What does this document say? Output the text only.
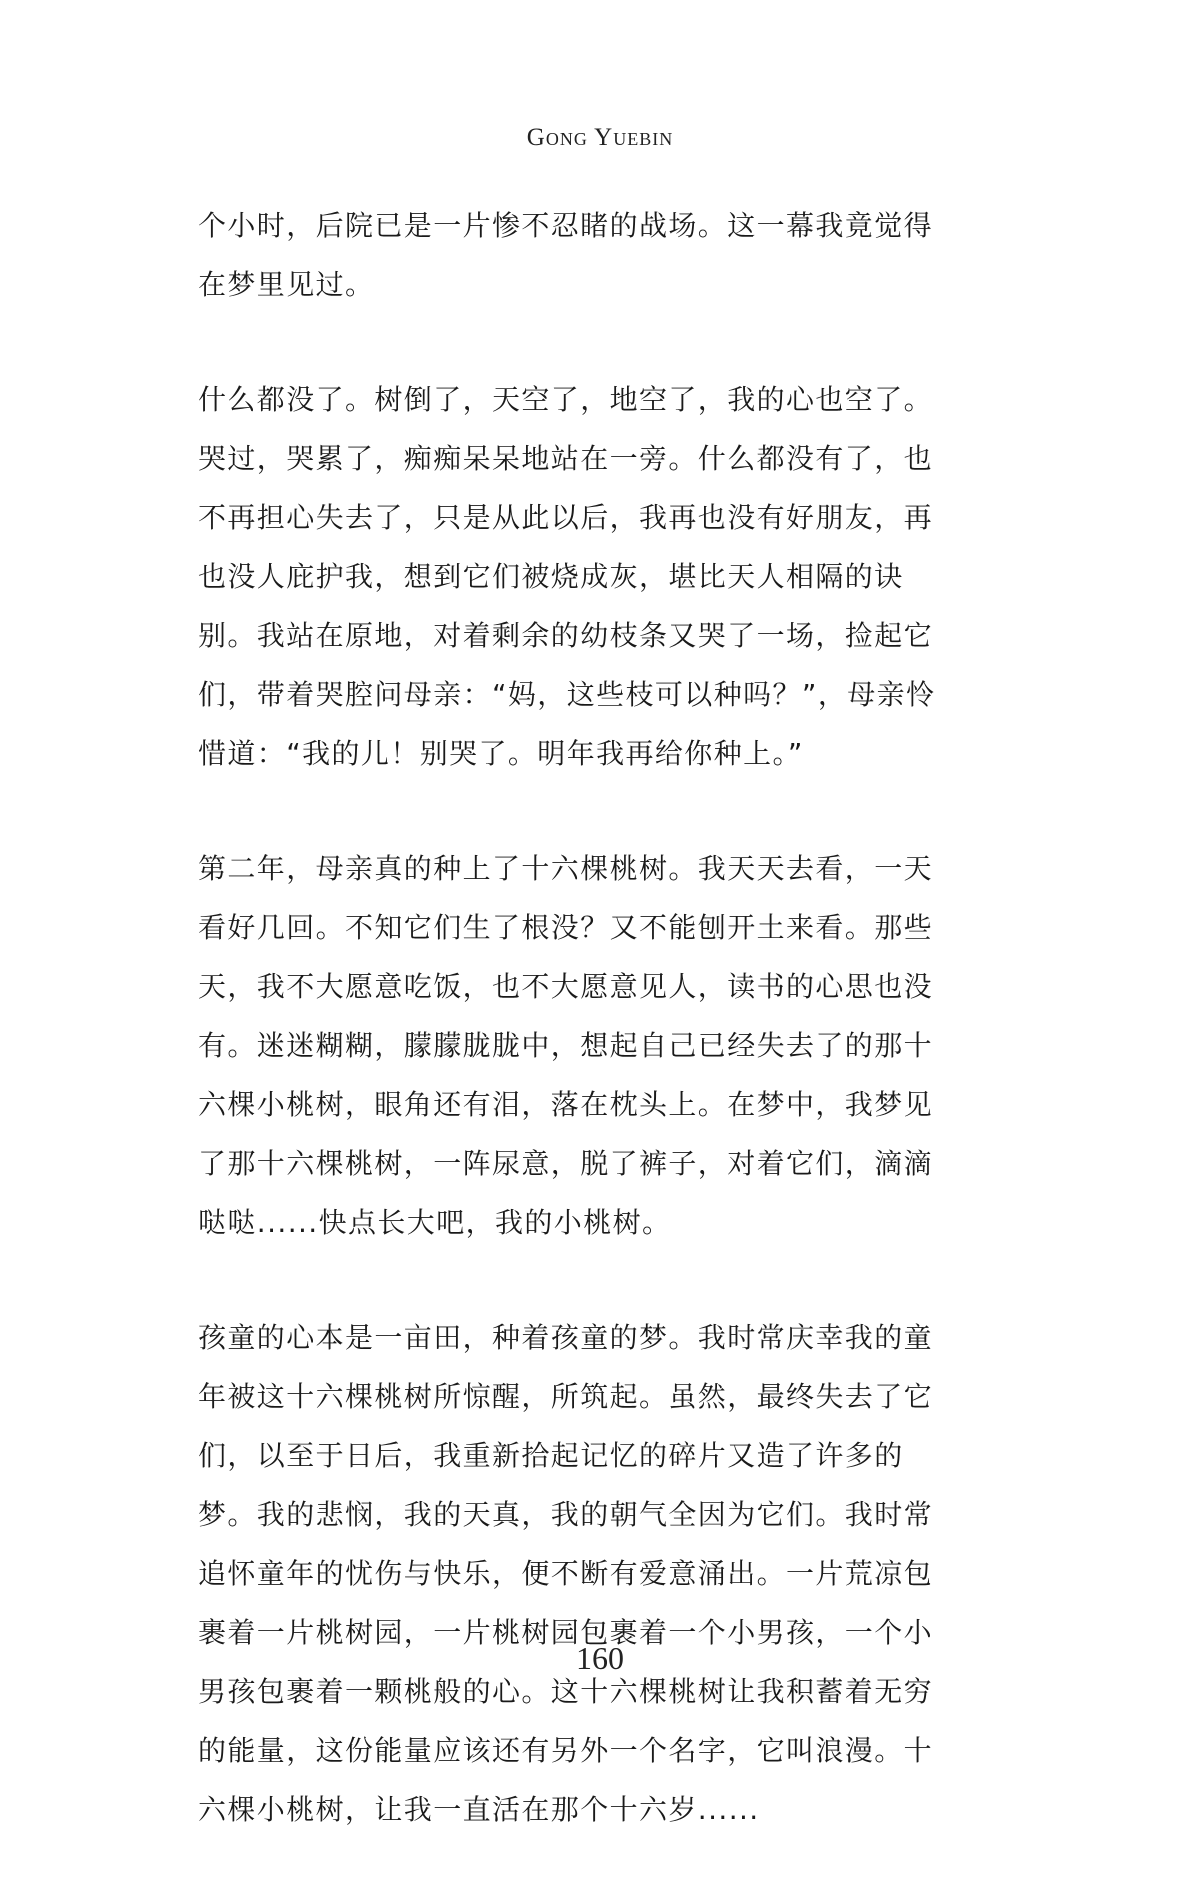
Gong Yuebin

个小时，后院已是一片惨不忍睹的战场。这一幕我竟觉得
在梦里见过。

什么都没了。树倒了，天空了，地空了，我的心也空了。
哭过，哭累了，痴痴呆呆地站在一旁。什么都没有了，也
不再担心失去了，只是从此以后，我再也没有好朋友，再
也没人庇护我，想到它们被烧成灰，堪比天人相隔的诀
别。我站在原地，对着剩余的幼枝条又哭了一场，捡起它
们，带着哭腔问母亲：“妈，这些枝可以种吗？”，母亲怜
惜道：“我的儿！别哭了。明年我再给你种上。”

第二年，母亲真的种上了十六棵桃树。我天天去看，一天
看好几回。不知它们生了根没？又不能刨开土来看。那些
天，我不大愿意吃饭，也不大愿意见人，读书的心思也没
有。迷迷糊糊，朦朦胧胧中，想起自己已经失去了的那十
六棵小桃树，眼角还有泪，落在枕头上。在梦中，我梦见
了那十六棵桃树，一阵尿意，脱了裤子，对着它们，滴滴
哒哒......快点长大吧，我的小桃树。

孩童的心本是一亩田，种着孩童的梦。我时常庆幸我的童
年被这十六棵桃树所惊醒，所筑起。虽然，最终失去了它
们，以至于日后，我重新拾起记忆的碎片又造了许多的
梦。我的悲悯，我的天真，我的朝气全因为它们。我时常
追怀童年的忧伤与快乐，便不断有爱意涌出。一片荒凉包
裹着一片桃树园，一片桃树园包裹着一个小男孩，一个小
男孩包裹着一颗桃般的心。这十六棵桃树让我积蓄着无穷
的能量，这份能量应该还有另外一个名字，它叫浪漫。十
六棵小桃树，让我一直活在那个十六岁......

160
